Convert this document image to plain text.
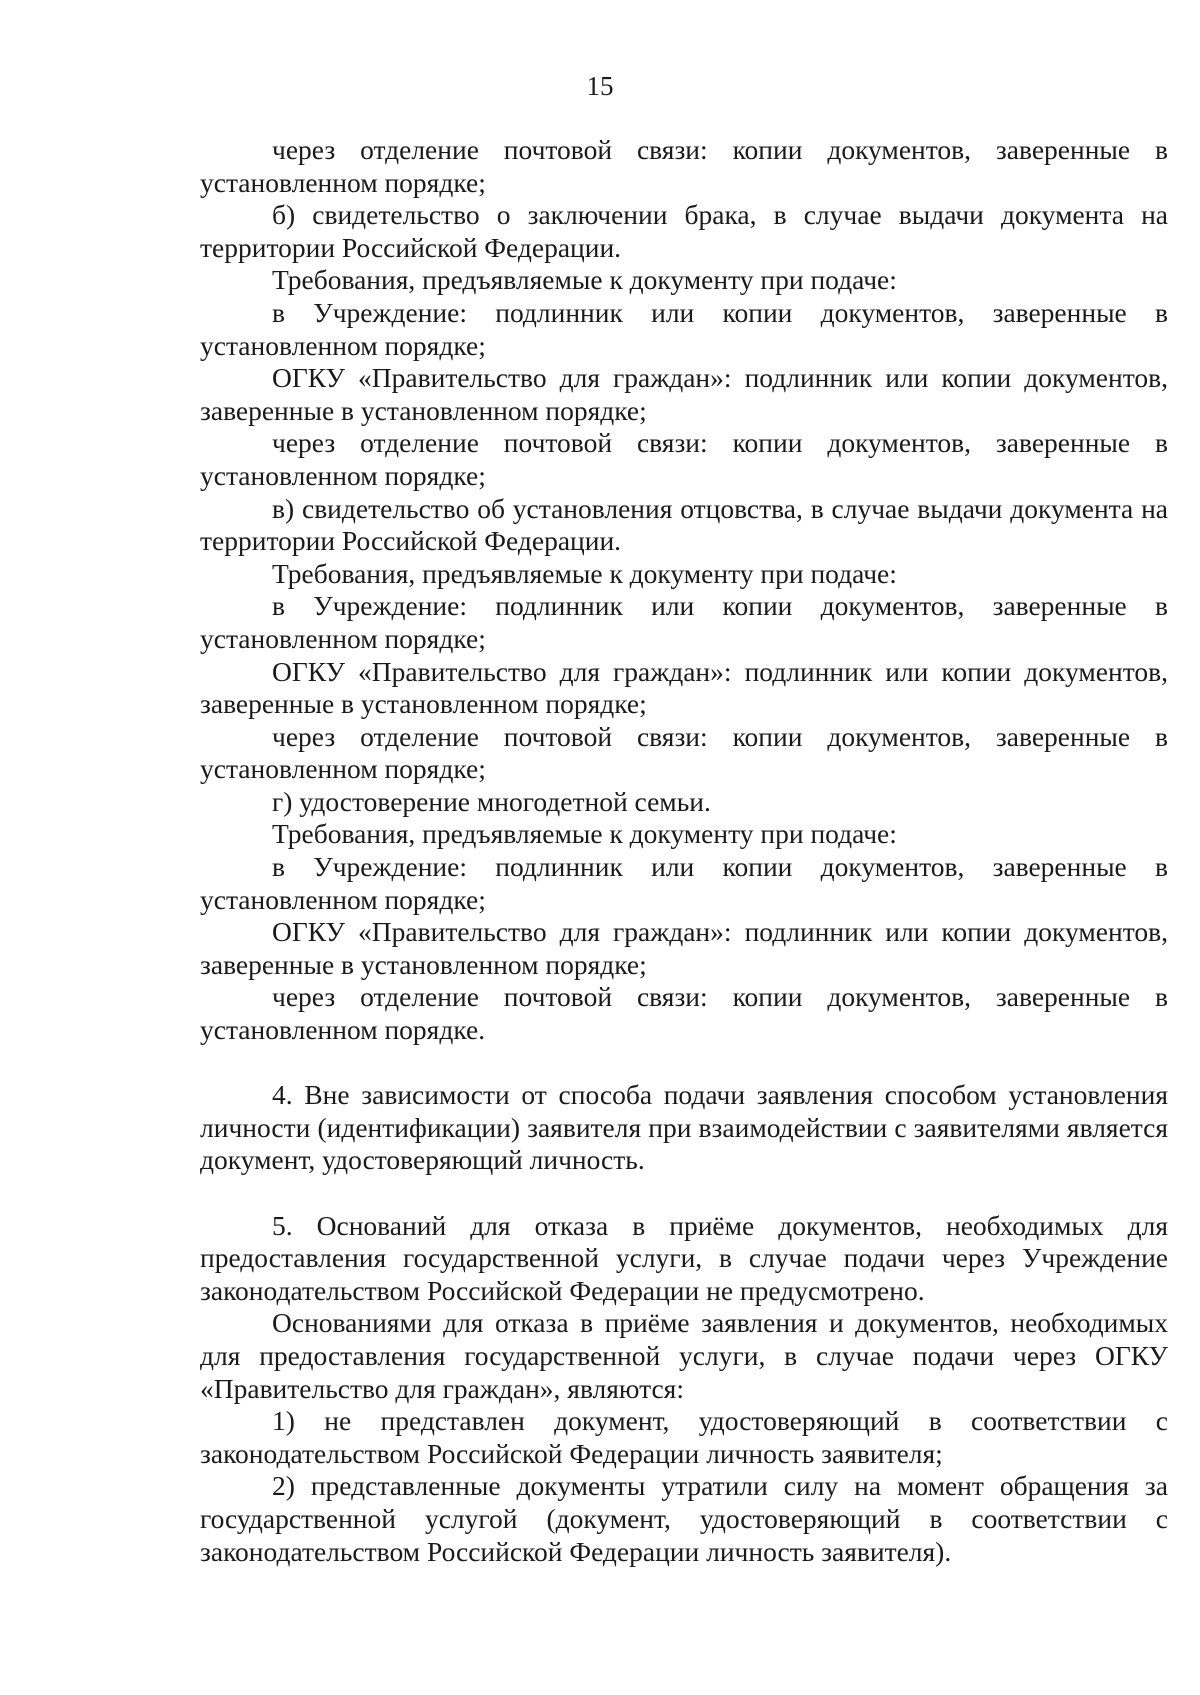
15

через отделение почтовой связи: копии документов, заверенные в установленном порядке;

б) свидетельство о заключении брака, в случае выдачи документа на территории Российской Федерации.

Требования, предъявляемые к документу при подаче:

в Учреждение: подлинник или копии документов, заверенные в установленном порядке;

ОГКУ «Правительство для граждан»: подлинник или копии документов, заверенные в установленном порядке;

через отделение почтовой связи: копии документов, заверенные в установленном порядке;

в) свидетельство об установления отцовства, в случае выдачи документа на территории Российской Федерации.

Требования, предъявляемые к документу при подаче:

в Учреждение: подлинник или копии документов, заверенные в установленном порядке;

ОГКУ «Правительство для граждан»: подлинник или копии документов, заверенные в установленном порядке;

через отделение почтовой связи: копии документов, заверенные в установленном порядке;

г) удостоверение многодетной семьи.

Требования, предъявляемые к документу при подаче:

в Учреждение: подлинник или копии документов, заверенные в установленном порядке;

ОГКУ «Правительство для граждан»: подлинник или копии документов, заверенные в установленном порядке;

через отделение почтовой связи: копии документов, заверенные в установленном порядке.

4. Вне зависимости от способа подачи заявления способом установления личности (идентификации) заявителя при взаимодействии с заявителями является документ, удостоверяющий личность.

5. Оснований для отказа в приёме документов, необходимых для предоставления государственной услуги, в случае подачи через Учреждение законодательством Российской Федерации не предусмотрено.

Основаниями для отказа в приёме заявления и документов, необходимых для предоставления государственной услуги, в случае подачи через ОГКУ «Правительство для граждан», являются:

1) не представлен документ, удостоверяющий в соответствии с законодательством Российской Федерации личность заявителя;

2) представленные документы утратили силу на момент обращения за государственной услугой (документ, удостоверяющий в соответствии с законодательством Российской Федерации личность заявителя).
